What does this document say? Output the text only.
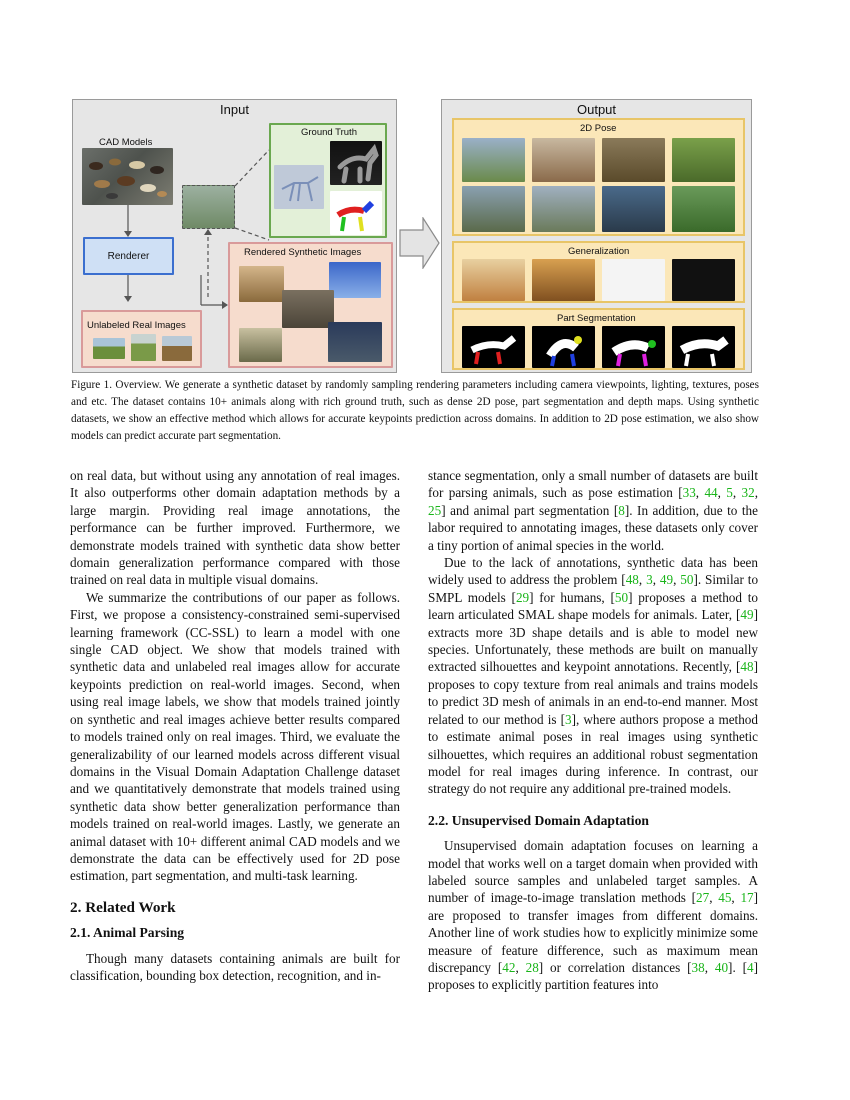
Input
CAD Models
Renderer
Unlabeled Real Images
Ground Truth
Rendered Synthetic Images
Output
2D Pose
Generalization
Part Segmentation
Figure 1. Overview. We generate a synthetic dataset by randomly sampling rendering parameters including camera viewpoints, lighting, textures, poses and etc. The dataset contains 10+ animals along with rich ground truth, such as dense 2D pose, part segmentation and depth maps. Using synthetic datasets, we show an effective method which allows for accurate keypoints prediction across domains. In addition to 2D pose estimation, we also show models can predict accurate part segmentation.

on real data, but without using any annotation of real images. It also outperforms other domain adaptation methods by a large margin. Providing real image annotations, the performance can be further improved. Furthermore, we demonstrate models trained with synthetic data show better domain generalization performance compared with those trained on real data in multiple visual domains.

We summarize the contributions of our paper as follows. First, we propose a consistency-constrained semi-supervised learning framework (CC-SSL) to learn a model with one single CAD object. We show that models trained with synthetic data and unlabeled real images allow for accurate keypoints prediction on real-world images. Second, when using real image labels, we show that models trained jointly on synthetic and real images achieve better results compared to models trained only on real images. Third, we evaluate the generalizability of our learned models across different visual domains in the Visual Domain Adaptation Challenge dataset and we quantitatively demonstrate that models trained using synthetic data show better generalization performance than models trained on real-world images. Lastly, we generate an animal dataset with 10+ different animal CAD models and we demonstrate the data can be effectively used for 2D pose estimation, part segmentation, and multi-task learning.

2. Related Work
2.1. Animal Parsing

Though many datasets containing animals are built for classification, bounding box detection, recognition, and in-

stance segmentation, only a small number of datasets are built for parsing animals, such as pose estimation [33, 44, 5, 32, 25] and animal part segmentation [8]. In addition, due to the labor required to annotating images, these datasets only cover a tiny portion of animal species in the world.

Due to the lack of annotations, synthetic data has been widely used to address the problem [48, 3, 49, 50]. Similar to SMPL models [29] for humans, [50] proposes a method to learn articulated SMAL shape models for animals. Later, [49] extracts more 3D shape details and is able to model new species. Unfortunately, these methods are built on manually extracted silhouettes and keypoint annotations. Recently, [48] proposes to copy texture from real animals and trains models to predict 3D mesh of animals in an end-to-end manner. Most related to our method is [3], where authors propose a method to estimate animal poses in real images using synthetic silhouettes, which requires an additional robust segmentation model for real images during inference. In contrast, our strategy do not require any additional pre-trained models.

2.2. Unsupervised Domain Adaptation

Unsupervised domain adaptation focuses on learning a model that works well on a target domain when provided with labeled source samples and unlabeled target samples. A number of image-to-image translation methods [27, 45, 17] are proposed to transfer images from different domains. Another line of work studies how to explicitly minimize some measure of feature difference, such as maximum mean discrepancy [42, 28] or correlation distances [38, 40]. [4] proposes to explicitly partition features into
